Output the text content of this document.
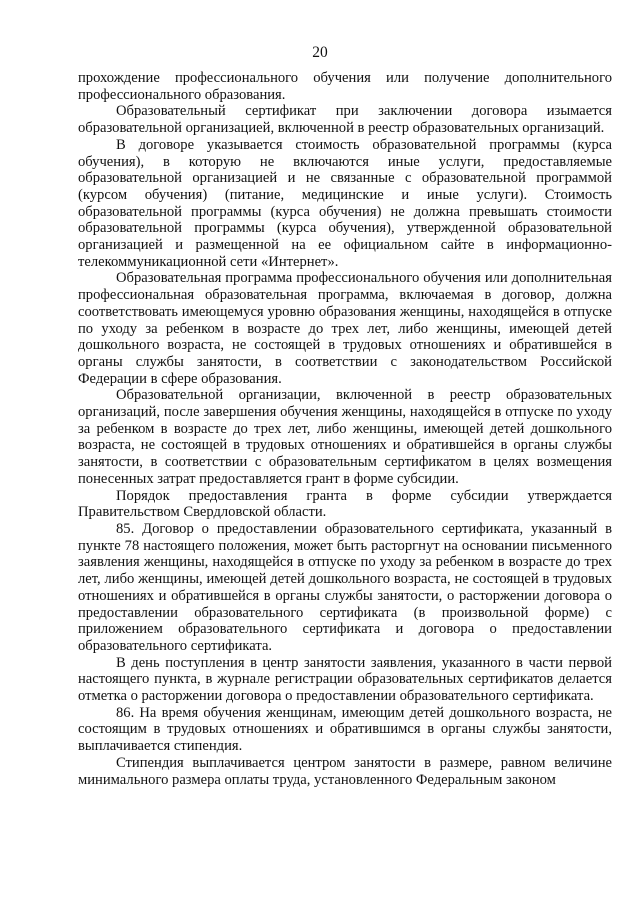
20

прохождение профессионального обучения или получение дополнительного профессионального образования.

Образовательный сертификат при заключении договора изымается образовательной организацией, включенной в реестр образовательных организаций.

В договоре указывается стоимость образовательной программы (курса обучения), в которую не включаются иные услуги, предоставляемые образовательной организацией и не связанные с образовательной программой (курсом обучения) (питание, медицинские и иные услуги). Стоимость образовательной программы (курса обучения) не должна превышать стоимости образовательной программы (курса обучения), утвержденной образовательной организацией и размещенной на ее официальном сайте в информационно-телекоммуникационной сети «Интернет».

Образовательная программа профессионального обучения или дополнительная профессиональная образовательная программа, включаемая в договор, должна соответствовать имеющемуся уровню образования женщины, находящейся в отпуске по уходу за ребенком в возрасте до трех лет, либо женщины, имеющей детей дошкольного возраста, не состоящей в трудовых отношениях и обратившейся в органы службы занятости, в соответствии с законодательством Российской Федерации в сфере образования.

Образовательной организации, включенной в реестр образовательных организаций, после завершения обучения женщины, находящейся в отпуске по уходу за ребенком в возрасте до трех лет, либо женщины, имеющей детей дошкольного возраста, не состоящей в трудовых отношениях и обратившейся в органы службы занятости, в соответствии с образовательным сертификатом в целях возмещения понесенных затрат предоставляется грант в форме субсидии.

Порядок предоставления гранта в форме субсидии утверждается Правительством Свердловской области.

85. Договор о предоставлении образовательного сертификата, указанный в пункте 78 настоящего положения, может быть расторгнут на основании письменного заявления женщины, находящейся в отпуске по уходу за ребенком в возрасте до трех лет, либо женщины, имеющей детей дошкольного возраста, не состоящей в трудовых отношениях и обратившейся в органы службы занятости, о расторжении договора о предоставлении образовательного сертификата (в произвольной форме) с приложением образовательного сертификата и договора о предоставлении образовательного сертификата.

В день поступления в центр занятости заявления, указанного в части первой настоящего пункта, в журнале регистрации образовательных сертификатов делается отметка о расторжении договора о предоставлении образовательного сертификата.

86. На время обучения женщинам, имеющим детей дошкольного возраста, не состоящим в трудовых отношениях и обратившимся в органы службы занятости, выплачивается стипендия.

Стипендия выплачивается центром занятости в размере, равном величине минимального размера оплаты труда, установленного Федеральным законом
